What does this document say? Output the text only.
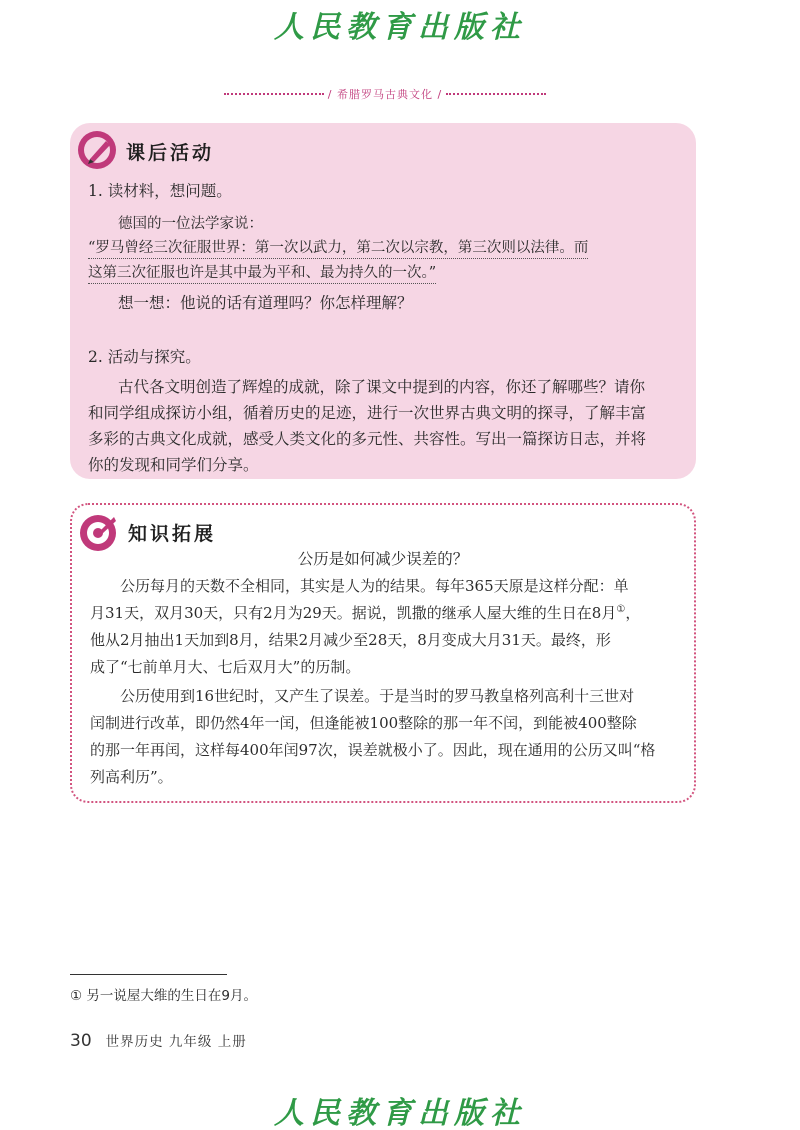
人民教育出版社
/ 希腊罗马古典文化 /
课后活动
1. 读材料，想问题。
德国的一位法学家说：
“罗马曾经三次征服世界：第一次以武力，第二次以宗教，第三次则以法律。而
这第三次征服也许是其中最为平和、最为持久的一次。”
想一想：他说的话有道理吗？你怎样理解？
2. 活动与探究。
古代各文明创造了辉煌的成就，除了课文中提到的内容，你还了解哪些？请你
和同学组成探访小组，循着历史的足迹，进行一次世界古典文明的探寻，了解丰富
多彩的古典文化成就，感受人类文化的多元性、共容性。写出一篇探访日志，并将
你的发现和同学们分享。
知识拓展
公历是如何减少误差的？
公历每月的天数不全相同，其实是人为的结果。每年365天原是这样分配：单
月31天，双月30天，只有2月为29天。据说，凯撒的继承人屋大维的生日在8月①，
他从2月抽出1天加到8月，结果2月减少至28天，8月变成大月31天。最终，形
成了“七前单月大、七后双月大”的历制。
公历使用到16世纪时，又产生了误差。于是当时的罗马教皇格列高利十三世对
闰制进行改革，即仍然4年一闰，但逢能被100整除的那一年不闰，到能被400整除
的那一年再闰，这样每400年闰97次，误差就极小了。因此，现在通用的公历又叫“格
列高利历”。
① 另一说屋大维的生日在9月。
30 世界历史 九年级 上册
人民教育出版社
